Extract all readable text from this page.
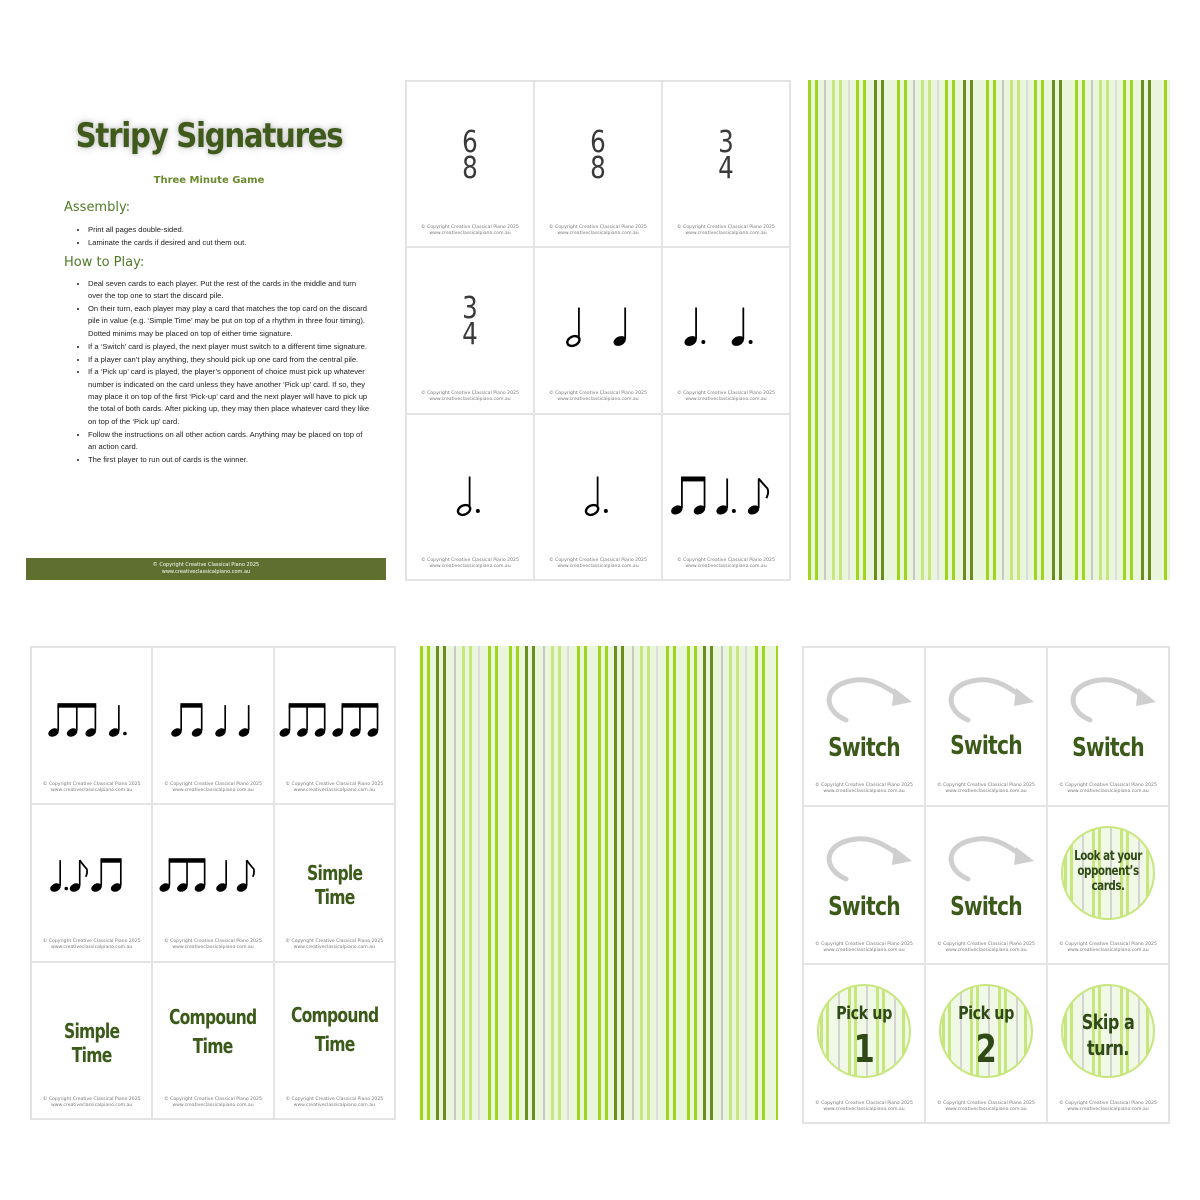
Stripy Signatures
Three Minute Game
Assembly:
• Print all pages double-sided.
• Laminate the cards if desired and cut them out.
How to Play:
• Deal seven cards to each player. Put the rest of the cards in the middle and turn over the top one to start the discard pile.
• On their turn, each player may play a card that matches the top card on the discard pile in value (e.g. ‘Simple Time’ may be put on top of a rhythm in three four timing). Dotted minims may be placed on top of either time signature.
• If a ‘Switch’ card is played, the next player must switch to a different time signature.
• If a player can’t play anything, they should pick up one card from the central pile.
• If a ‘Pick up’ card is played, the player’s opponent of choice must pick up whatever number is indicated on the card unless they have another ‘Pick up’ card. If so, they may place it on top of the first ‘Pick-up’ card and the next player will have to pick up the total of both cards. After picking up, they may then place whatever card they like on top of the ‘Pick up’ card.
• Follow the instructions on all other action cards. Anything may be placed on top of an action card.
• The first player to run out of cards is the winner.
© Copyright Creative Classical Piano 2025
www.creativeclassicalpiano.com.au
6
8
© Copyright Creative Classical Piano 2025
www.creativeclassicalpiano.com.au
6
8
© Copyright Creative Classical Piano 2025
www.creativeclassicalpiano.com.au
3
4
© Copyright Creative Classical Piano 2025
www.creativeclassicalpiano.com.au
3
4
© Copyright Creative Classical Piano 2025
www.creativeclassicalpiano.com.au
© Copyright Creative Classical Piano 2025
www.creativeclassicalpiano.com.au
© Copyright Creative Classical Piano 2025
www.creativeclassicalpiano.com.au
© Copyright Creative Classical Piano 2025
www.creativeclassicalpiano.com.au
© Copyright Creative Classical Piano 2025
www.creativeclassicalpiano.com.au
© Copyright Creative Classical Piano 2025
www.creativeclassicalpiano.com.au
© Copyright Creative Classical Piano 2025
www.creativeclassicalpiano.com.au
© Copyright Creative Classical Piano 2025
www.creativeclassicalpiano.com.au
© Copyright Creative Classical Piano 2025
www.creativeclassicalpiano.com.au
© Copyright Creative Classical Piano 2025
www.creativeclassicalpiano.com.au
© Copyright Creative Classical Piano 2025
www.creativeclassicalpiano.com.au
Simple Time
© Copyright Creative Classical Piano 2025
www.creativeclassicalpiano.com.au
Simple Time
© Copyright Creative Classical Piano 2025
www.creativeclassicalpiano.com.au
Compound
Time
© Copyright Creative Classical Piano 2025
www.creativeclassicalpiano.com.au
Compound
Time
© Copyright Creative Classical Piano 2025
www.creativeclassicalpiano.com.au
Switch
© Copyright Creative Classical Piano 2025
www.creativeclassicalpiano.com.au
Switch
© Copyright Creative Classical Piano 2025
www.creativeclassicalpiano.com.au
Switch
© Copyright Creative Classical Piano 2025
www.creativeclassicalpiano.com.au
Switch
© Copyright Creative Classical Piano 2025
www.creativeclassicalpiano.com.au
Switch
© Copyright Creative Classical Piano 2025
www.creativeclassicalpiano.com.au
Look at your
opponent’s
cards.
© Copyright Creative Classical Piano 2025
www.creativeclassicalpiano.com.au
Pick up
1
© Copyright Creative Classical Piano 2025
www.creativeclassicalpiano.com.au
Pick up
2
© Copyright Creative Classical Piano 2025
www.creativeclassicalpiano.com.au
Skip a
turn.
© Copyright Creative Classical Piano 2025
www.creativeclassicalpiano.com.au
